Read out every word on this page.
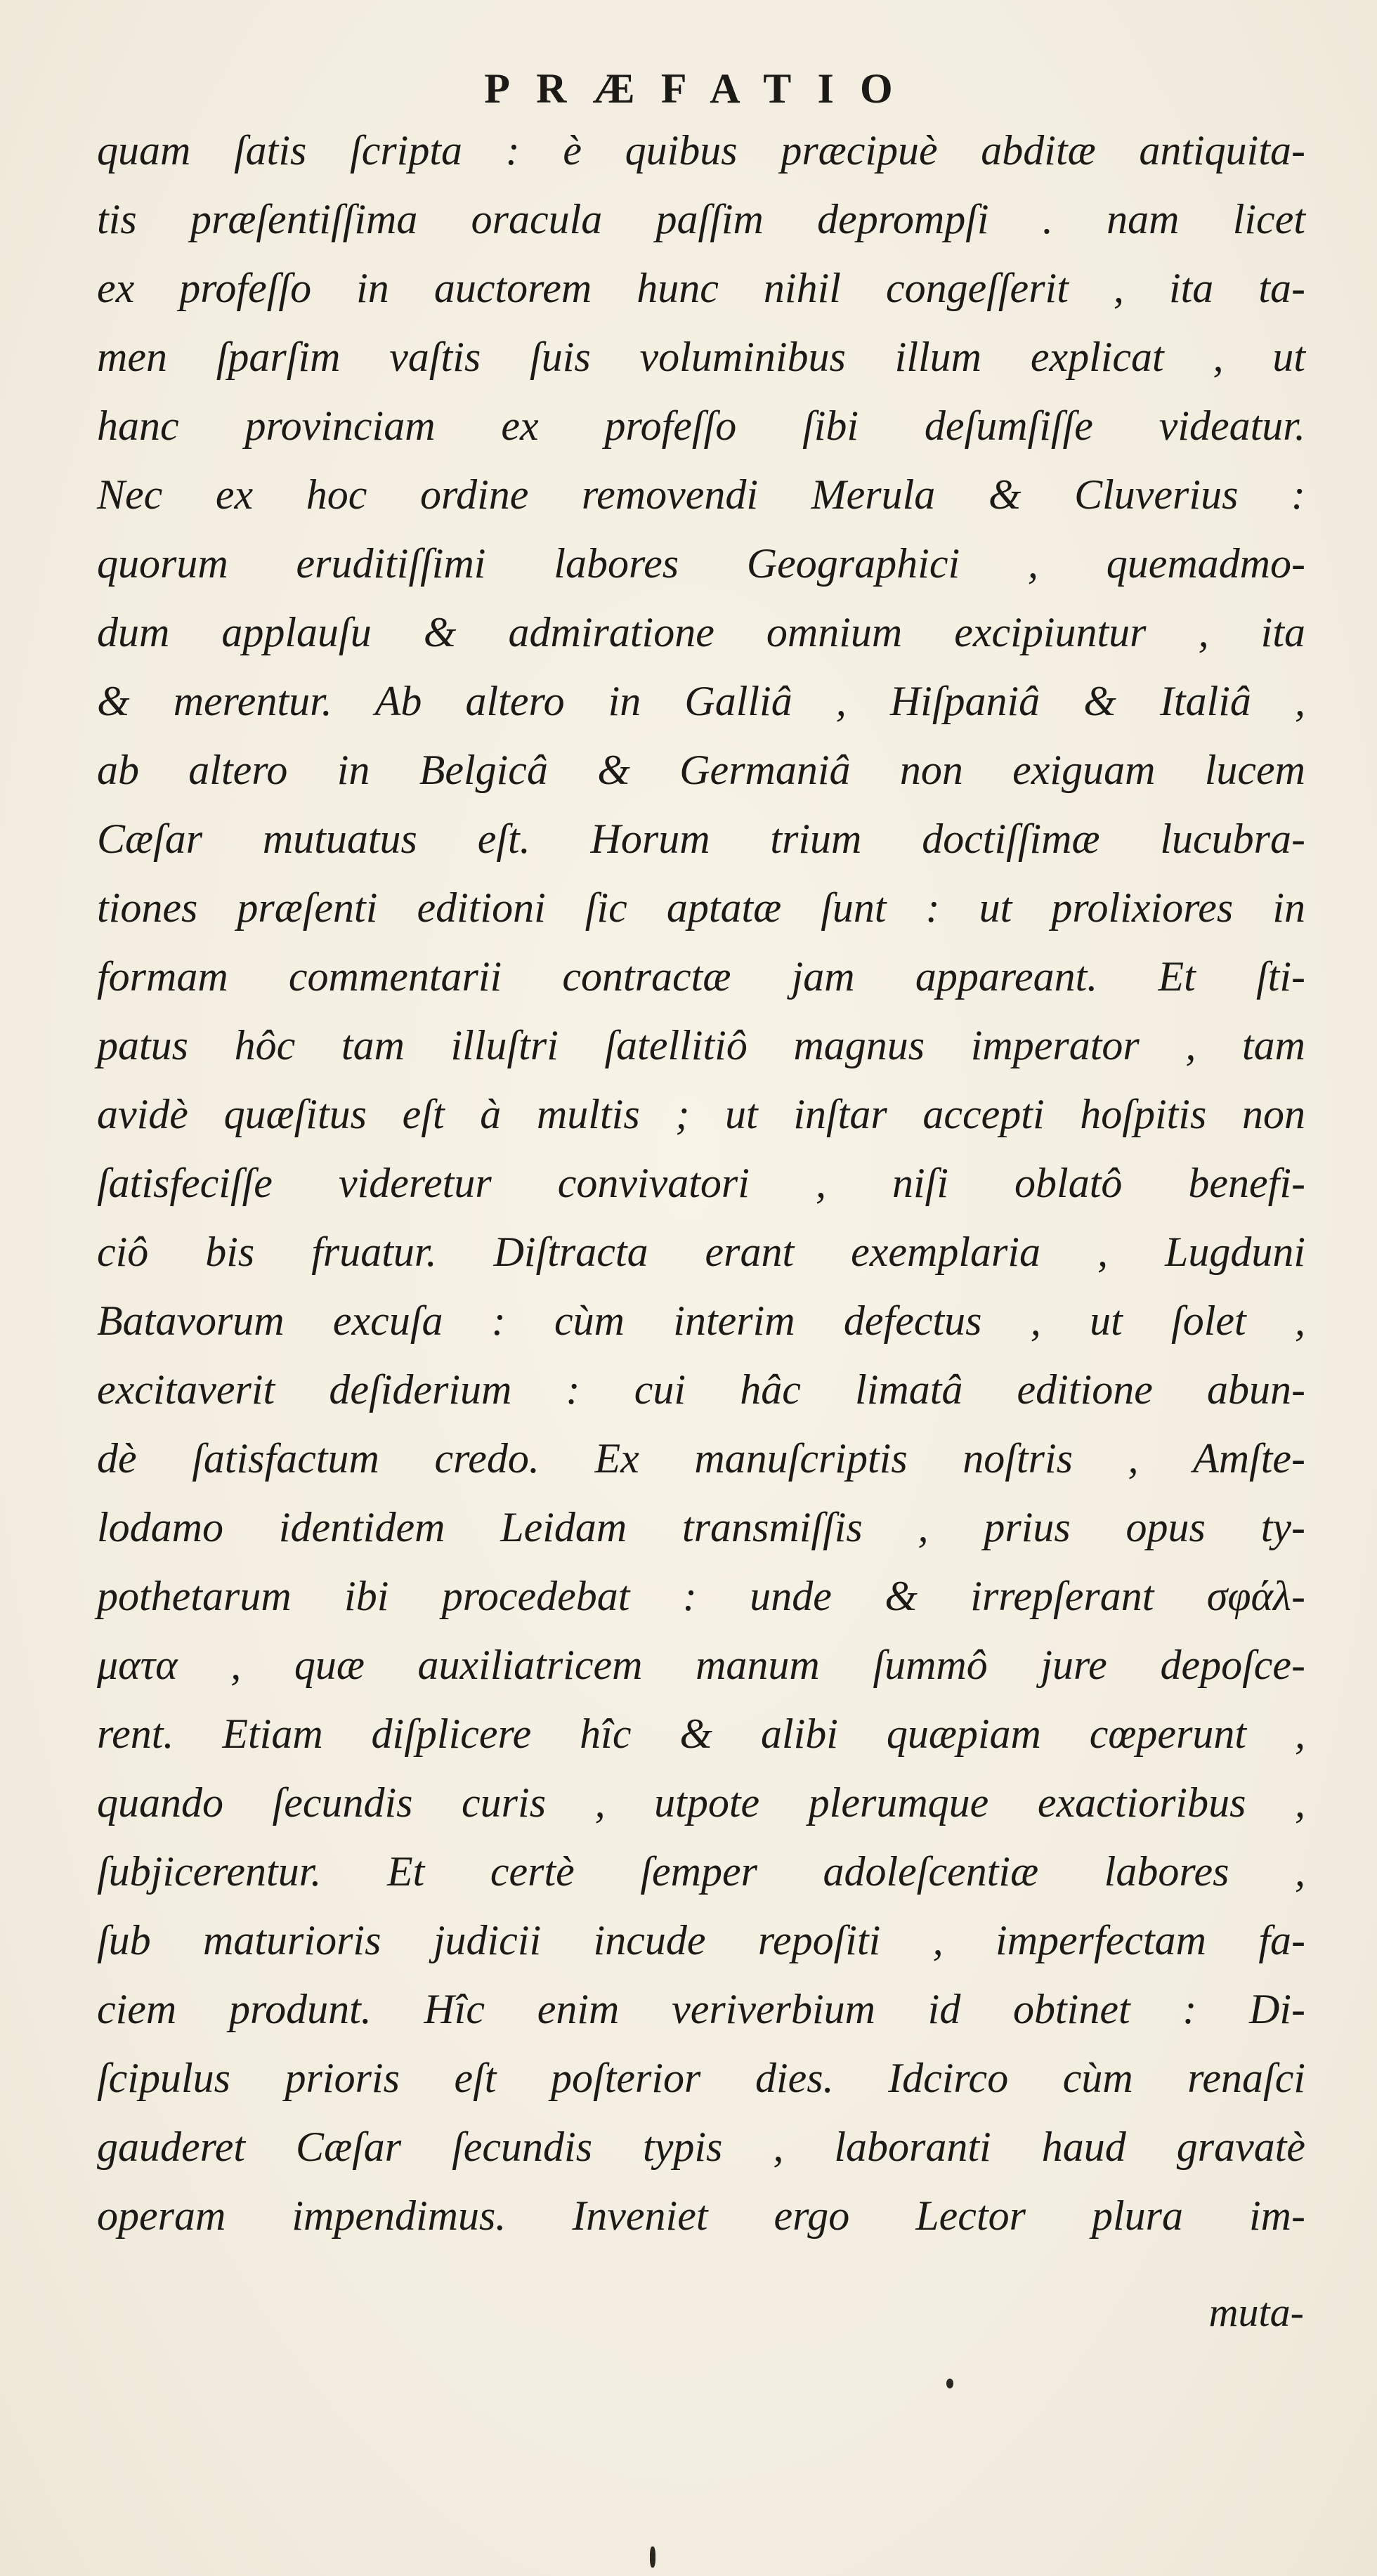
PRÆFATIO
quam ſatis ſcripta : è quibus præcipuè abditæ antiquita-
tis præſentiſſima oracula paſſim deprompſi . nam licet
ex profeſſo in auctorem hunc nihil congeſſerit , ita ta-
men ſparſim vaſtis ſuis voluminibus illum explicat , ut
hanc provinciam ex profeſſo ſibi deſumſiſſe videatur.
Nec ex hoc ordine removendi Merula & Cluverius :
quorum eruditiſſimi labores Geographici , quemadmo-
dum applauſu & admiratione omnium excipiuntur , ita
& merentur. Ab altero in Galliâ , Hiſpaniâ & Italiâ ,
ab altero in Belgicâ & Germaniâ non exiguam lucem
Cæſar mutuatus eſt. Horum trium doctiſſimæ lucubra-
tiones præſenti editioni ſic aptatæ ſunt : ut prolixiores in
formam commentarii contractæ jam appareant. Et ſti-
patus hôc tam illuſtri ſatellitiô magnus imperator , tam
avidè quæſitus eſt à multis ; ut inſtar accepti hoſpitis non
ſatisfeciſſe videretur convivatori , niſi oblatô benefi-
ciô bis fruatur. Diſtracta erant exemplaria , Lugduni
Batavorum excuſa : cùm interim defectus , ut ſolet ,
excitaverit deſiderium : cui hâc limatâ editione abun-
dè ſatisfactum credo. Ex manuſcriptis noſtris , Amſte-
lodamo identidem Leidam transmiſſis , prius opus ty-
pothetarum ibi procedebat : unde & irrepſerant σφάλ-
ματα , quæ auxiliatricem manum ſummô jure depoſce-
rent. Etiam diſplicere hîc & alibi quæpiam cœperunt ,
quando ſecundis curis , utpote plerumque exactioribus ,
ſubjicerentur. Et certè ſemper adoleſcentiæ labores ,
ſub maturioris judicii incude repoſiti , imperfectam fa-
ciem produnt. Hîc enim veriverbium id obtinet : Di-
ſcipulus prioris eſt poſterior dies. Idcirco cùm renaſci
gauderet Cæſar ſecundis typis , laboranti haud gravatè
operam impendimus. Inveniet ergo Lector plura im-
muta-
